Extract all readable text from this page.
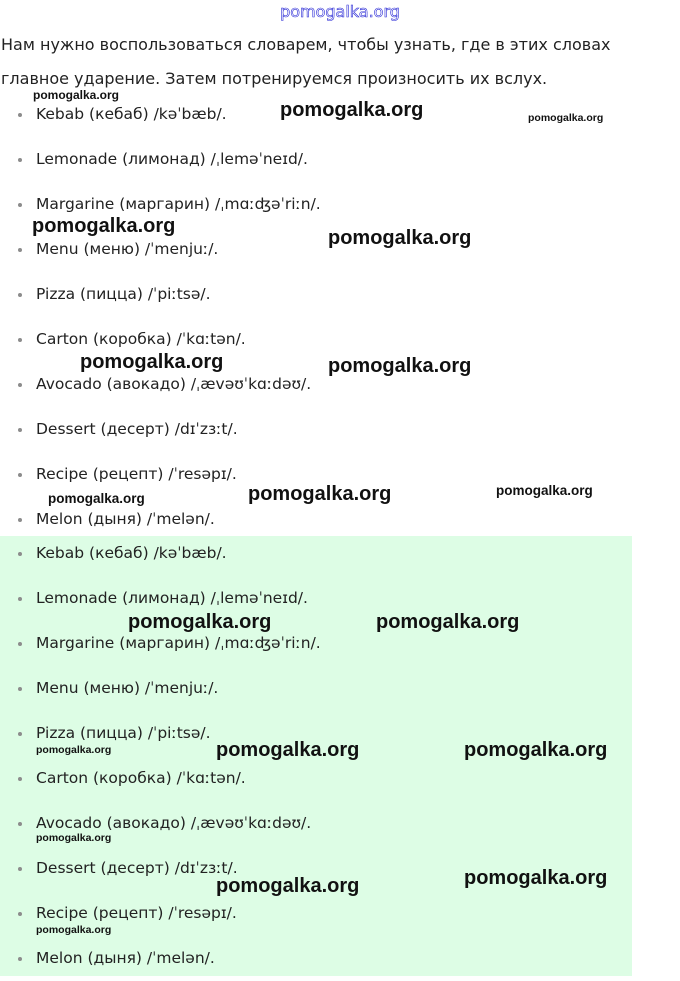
pomogalka.org
Нам нужно воспользоваться словарем, чтобы узнать, где в этих словах главное ударение. Затем потренируемся произносить их вслух.
Kebab (кебаб) /kəˈbæb/.
Lemonade (лимонад) /ˌleməˈneɪd/.
Margarine (маргарин) /ˌmɑːʤəˈriːn/.
Menu (меню) /ˈmenjuː/.
Pizza (пицца) /ˈpiːtsə/.
Carton (коробка) /ˈkɑːtən/.
Avocado (авокадо) /ˌævəʊˈkɑːdəʊ/.
Dessert (десерт) /dɪˈzɜːt/.
Recipe (рецепт) /ˈresəpɪ/.
Melon (дыня) /ˈmelən/.
Kebab (кебаб) /kəˈbæb/.
Lemonade (лимонад) /ˌleməˈneɪd/.
Margarine (маргарин) /ˌmɑːʤəˈriːn/.
Menu (меню) /ˈmenjuː/.
Pizza (пицца) /ˈpiːtsə/.
Carton (коробка) /ˈkɑːtən/.
Avocado (авокадо) /ˌævəʊˈkɑːdəʊ/.
Dessert (десерт) /dɪˈzɜːt/.
Recipe (рецепт) /ˈresəpɪ/.
Melon (дыня) /ˈmelən/.
pomogalka.org
pomogalka.org	pomogalka.org
pomogalka.org
pomogalka.org
pomogalka.org	pomogalka.org
pomogalka.org	pomogalka.org	pomogalka.org
pomogalka.org	pomogalka.org
pomogalka.org	pomogalka.org	pomogalka.org
pomogalka.org
pomogalka.org	pomogalka.org
pomogalka.org
